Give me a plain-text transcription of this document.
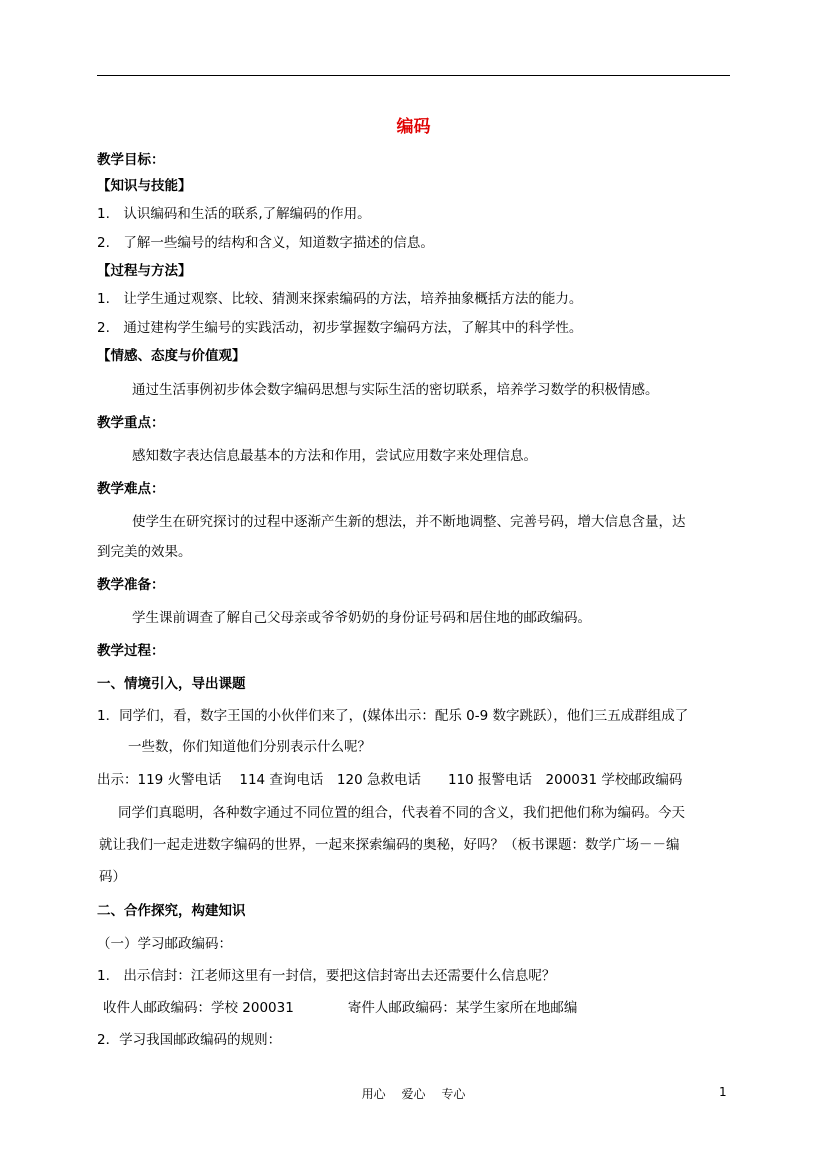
编码
教学目标：
【知识与技能】
1.　认识编码和生活的联系,了解编码的作用。
2.　了解一些编号的结构和含义，知道数字描述的信息。
【过程与方法】
1.　让学生通过观察、比较、猜测来探索编码的方法，培养抽象概括方法的能力。
2.　通过建构学生编号的实践活动，初步掌握数字编码方法，了解其中的科学性。
【情感、态度与价值观】
通过生活事例初步体会数字编码思想与实际生活的密切联系，培养学习数学的积极情感。
教学重点：
感知数字表达信息最基本的方法和作用，尝试应用数字来处理信息。
教学难点：
使学生在研究探讨的过程中逐渐产生新的想法，并不断地调整、完善号码，增大信息含量，达
到完美的效果。
教学准备：
学生课前调查了解自己父母亲或爷爷奶奶的身份证号码和居住地的邮政编码。
教学过程：
一、情境引入，导出课题
1．同学们，看，数字王国的小伙伴们来了，(媒体出示：配乐 0-9 数字跳跃），他们三五成群组成了
一些数，你们知道他们分别表示什么呢？
出示：119 火警电话　 114 查询电话　120 急救电话　　110 报警电话　200031 学校邮政编码
同学们真聪明，各种数字通过不同位置的组合，代表着不同的含义，我们把他们称为编码。今天
就让我们一起走进数字编码的世界，一起来探索编码的奥秘，好吗？（板书课题：数学广场－－编
码）
二、合作探究，构建知识
（一）学习邮政编码：
1.　出示信封：江老师这里有一封信，要把这信封寄出去还需要什么信息呢？
收件人邮政编码：学校 200031　　　　寄件人邮政编码：某学生家所在地邮编
2．学习我国邮政编码的规则：
用心 爱心 专心	1
